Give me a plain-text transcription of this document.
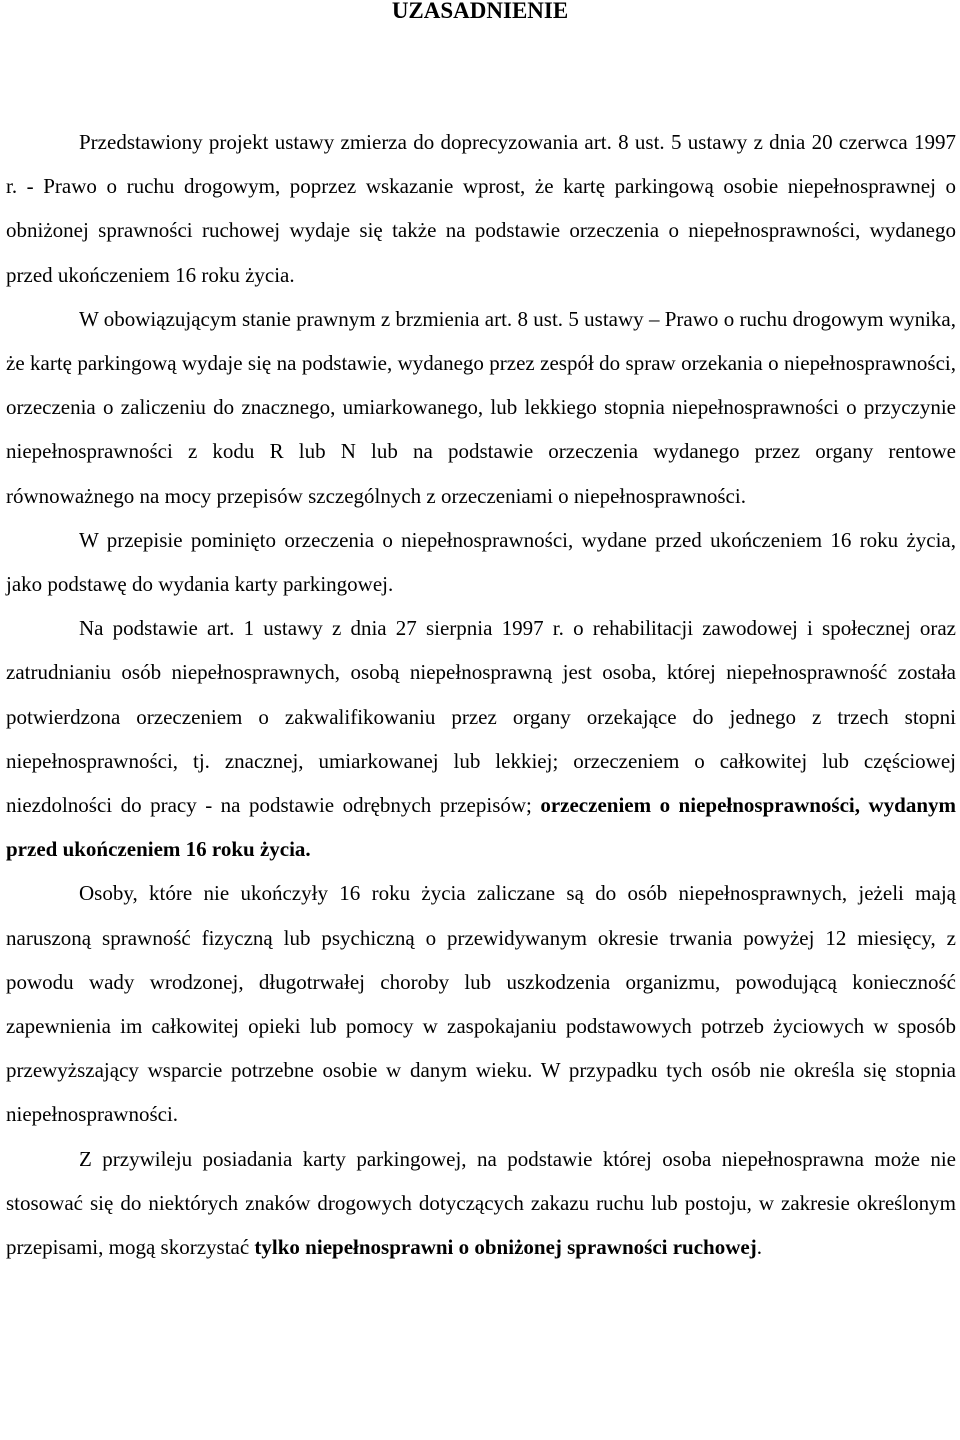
UZASADNIENIE

Przedstawiony projekt ustawy zmierza do doprecyzowania art. 8 ust. 5 ustawy z dnia 20 czerwca 1997 r. - Prawo o ruchu drogowym, poprzez wskazanie wprost, że kartę parkingową osobie niepełnosprawnej o obniżonej sprawności ruchowej wydaje się także na podstawie orzeczenia o niepełnosprawności, wydanego przed ukończeniem 16 roku życia.

W obowiązującym stanie prawnym z brzmienia art. 8 ust. 5 ustawy – Prawo o ruchu drogowym wynika, że kartę parkingową wydaje się na podstawie, wydanego przez zespół do spraw orzekania o niepełnosprawności, orzeczenia o zaliczeniu do znacznego, umiarkowanego, lub lekkiego stopnia niepełnosprawności o przyczynie niepełnosprawności z kodu R lub N lub na podstawie orzeczenia wydanego przez organy rentowe równoważnego na mocy przepisów szczególnych z orzeczeniami o niepełnosprawności.

W przepisie pominięto orzeczenia o niepełnosprawności, wydane przed ukończeniem 16 roku życia, jako podstawę do wydania karty parkingowej.

Na podstawie art. 1 ustawy z dnia 27 sierpnia 1997 r. o rehabilitacji zawodowej i społecznej oraz zatrudnianiu osób niepełnosprawnych, osobą niepełnosprawną jest osoba, której niepełnosprawność została potwierdzona orzeczeniem o zakwalifikowaniu przez organy orzekające do jednego z trzech stopni niepełnosprawności, tj. znacznej, umiarkowanej lub lekkiej; orzeczeniem o całkowitej lub częściowej niezdolności do pracy - na podstawie odrębnych przepisów; orzeczeniem o niepełnosprawności, wydanym przed ukończeniem 16 roku życia.

Osoby, które nie ukończyły 16 roku życia zaliczane są do osób niepełnosprawnych, jeżeli mają naruszoną sprawność fizyczną lub psychiczną o przewidywanym okresie trwania powyżej 12 miesięcy, z powodu wady wrodzonej, długotrwałej choroby lub uszkodzenia organizmu, powodującą konieczność zapewnienia im całkowitej opieki lub pomocy w zaspokajaniu podstawowych potrzeb życiowych w sposób przewyższający wsparcie potrzebne osobie w danym wieku. W przypadku tych osób nie określa się stopnia niepełnosprawności.

Z przywileju posiadania karty parkingowej, na podstawie której osoba niepełnosprawna może nie stosować się do niektórych znaków drogowych dotyczących zakazu ruchu lub postoju, w zakresie określonym przepisami, mogą skorzystać tylko niepełnosprawni o obniżonej sprawności ruchowej.
